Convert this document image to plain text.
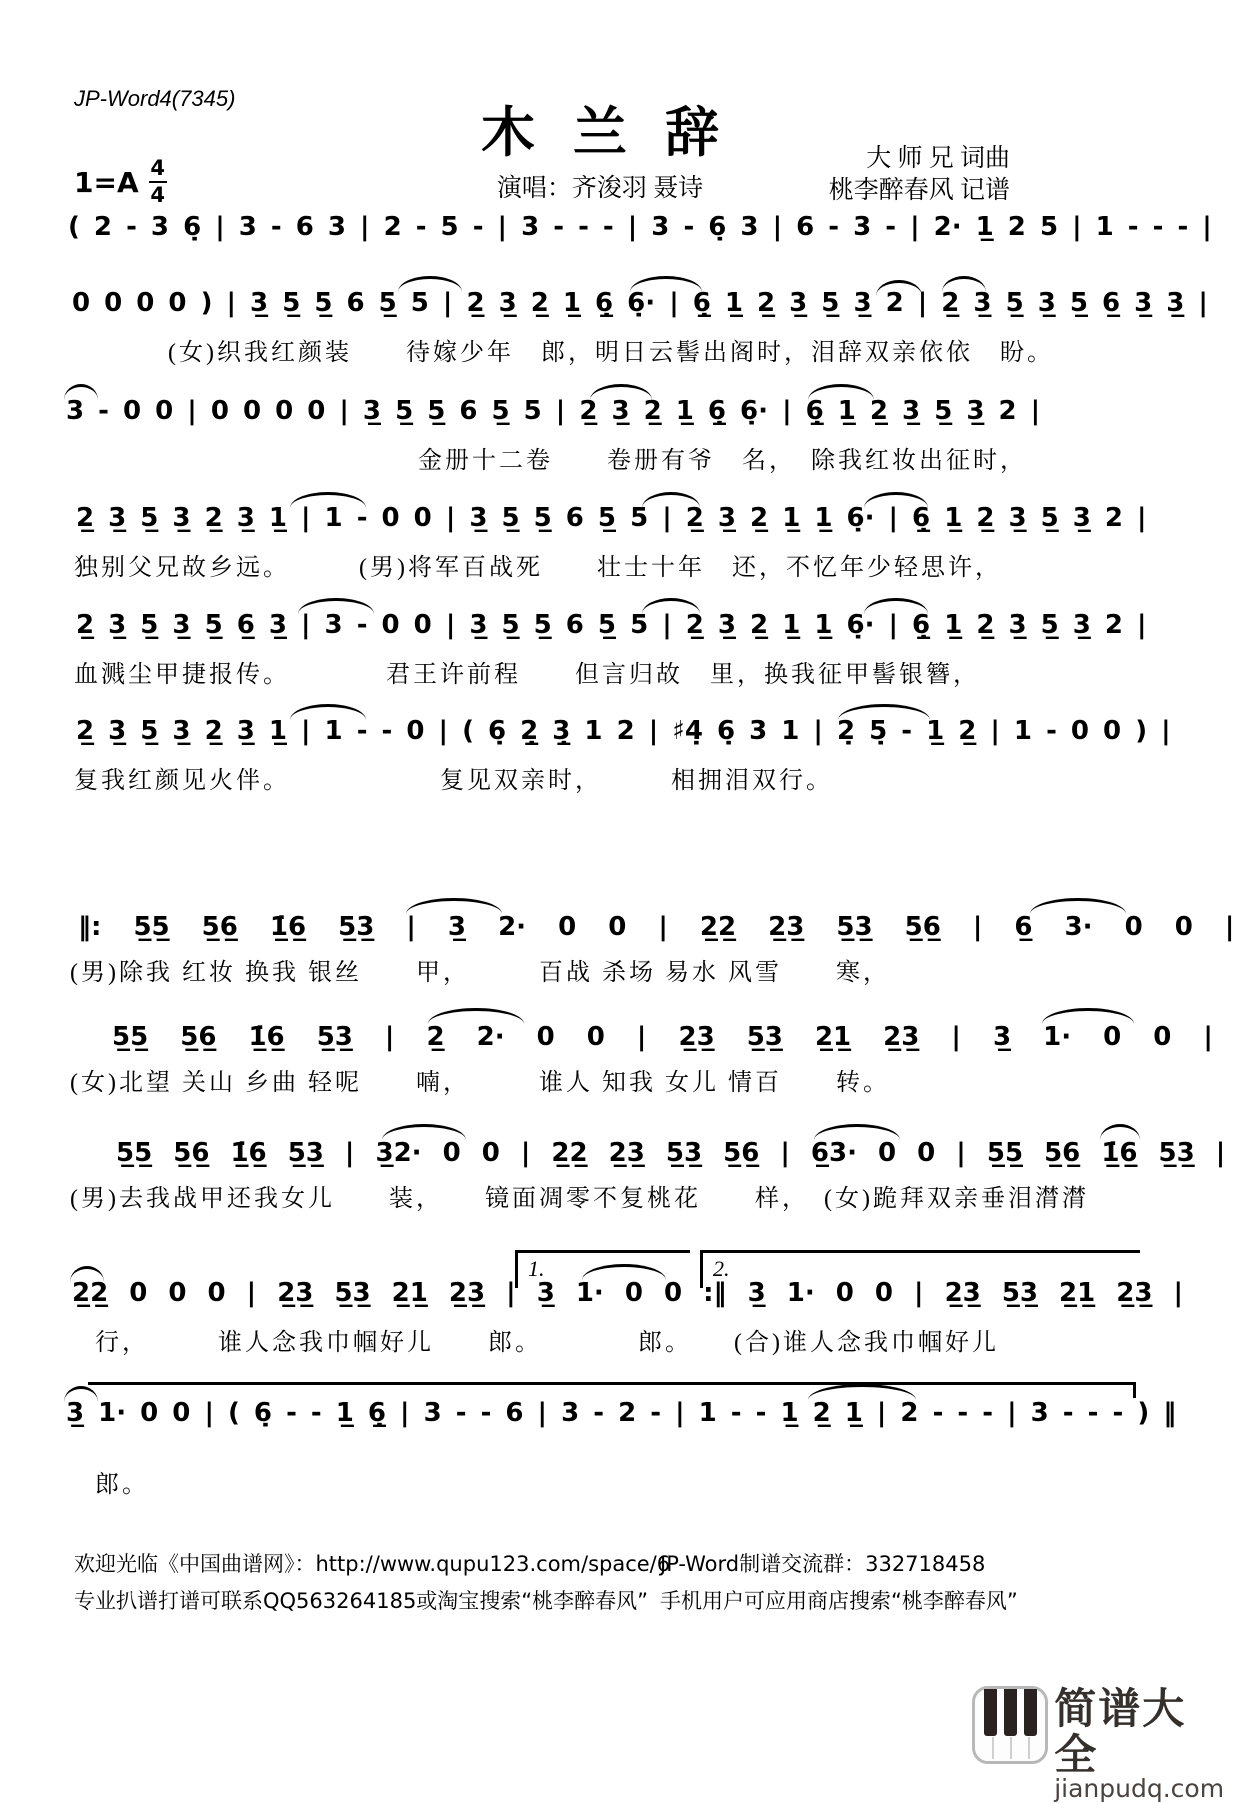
JP-Word4(7345)
木兰辞	大 师 兄 词曲
桃李醉春风 记谱
演唱：齐浚羽 聂诗
$1=A \frac{4}{4}$
( 2 - 3 6̣ | 3 - 6 3 | 2 - 5 - | 3 - - - | 3 - 6̣ 3 | 6 - 3 - | 2· 1̲ 2 5 | 1 - - - |
0 0 0 0 ) | 3̲ 5̲ 5̲ 6 5̲ 5 | 2̲ 3̲ 2̲ 1̲ 6̲̣ 6̣· | 6̲̣ 1̲ 2̲ 3̲ 5̲ 3̲ 2 | 2̲ 3̲ 5̲ 3̲ 5̲ 6̲ 3̲ 3̲ |
(女)织我红颜装　　待嫁少年　郎，明日云髻出阁时，泪辞双亲依依　盼。
3 - 0 0 | 0 0 0 0 | 3̲ 5̲ 5̲ 6 5̲ 5 | 2̲ 3̲ 2̲ 1̲ 6̲̣ 6̣· | 6̲̣ 1̲ 2̲ 3̲ 5̲ 3̲ 2 |
金册十二卷　　卷册有爷　名，　除我红妆出征时，
2̲ 3̲ 5̲ 3̲ 2̲ 3̲ 1̲ | 1 - 0 0 | 3̲ 5̲ 5̲ 6 5̲ 5 | 2̲ 3̲ 2̲ 1̲ 1̲ 6̣· | 6̲̣ 1̲ 2̲ 3̲ 5̲ 3̲ 2 |
独别父兄故乡远。　　　(男)将军百战死　　壮士十年　还，不忆年少轻思许，
2̲ 3̲ 5̲ 3̲ 5̲ 6̲ 3̲ | 3 - 0 0 | 3̲ 5̲ 5̲ 6 5̲ 5 | 2̲ 3̲ 2̲ 1̲ 1̲ 6̣· | 6̲̣ 1̲ 2̲ 3̲ 5̲ 3̲ 2 |
血溅尘甲捷报传。　　　　君王许前程　　但言归故　里，换我征甲髻银簪，
2̲ 3̲ 5̲ 3̲ 2̲ 3̲ 1̲ | 1 - - 0 | ( 6̣ 2̲̣ 3̲̣ 1 2 | ♯4̣ 6̣ 3 1 | 2̣ 5̣ - 1̲ 2̲ | 1 - 0 0 ) |
复我红颜见火伴。　　　　　　复见双亲时，　　　相拥泪双行。
‖: 5̲5̲ 5̲6̲ 1̲̇6̲ 5̲3̲ | 3̲ 2· 0 0 | 2̲2̲ 2̲3̲ 5̲3̲ 5̲6̲ | 6̲ 3· 0 0 |
(男)除我 红妆 换我 银丝　　甲，　　　百战 杀场 易水 风雪　　寒，
5̲5̲ 5̲6̲ 1̲̇6̲ 5̲3̲ | 2̲ 2· 0 0 | 2̲3̲ 5̲3̲ 2̲1̲ 2̲3̲ | 3̲ 1· 0 0 |
(女)北望 关山 乡曲 轻呢　　喃，　　　谁人 知我 女儿 情百　　转。
5̲5̲ 5̲6̲ 1̲̇6̲ 5̲3̲ | 3̲2· 0 0 | 2̲2̲ 2̲3̲ 5̲3̲ 5̲6̲ | 6̲3· 0 0 | 5̲5̲ 5̲6̲ 1̲̇6̲ 5̲3̲ |
(男)去我战甲还我女儿　　装，　　镜面凋零不复桃花　　样，　(女)跪拜双亲垂泪潸潸
2̲2̲ 0 0 0 | 2̲3̲ 5̲3̲ 2̲1̲ 2̲3̲ | 3̲ 1· 0 0 :‖ 3̲ 1· 0 0 | 2̲3̲ 5̲3̲ 2̲1̲ 2̲3̲ |
行，　　　谁人念我巾帼好儿　　郎。　　　　郎。　　(合)谁人念我巾帼好儿
3̲ 1· 0 0 | ( 6̣ - - 1̲ 6̲̣ | 3 - - 6 | 3 - 2 - | 1 - - 1̲ 2̲ 1̲ | 2 - - - | 3 - - - ) ‖
郎。
1.	2.
欢迎光临《中国曲谱网》：http://www.qupu123.com/space/6
专业扒谱打谱可联系QQ563264185或淘宝搜索“桃李醉春风”
JP-Word制谱交流群：332718458
手机用户可应用商店搜索“桃李醉春风”
简谱大全
jianpudq.com
